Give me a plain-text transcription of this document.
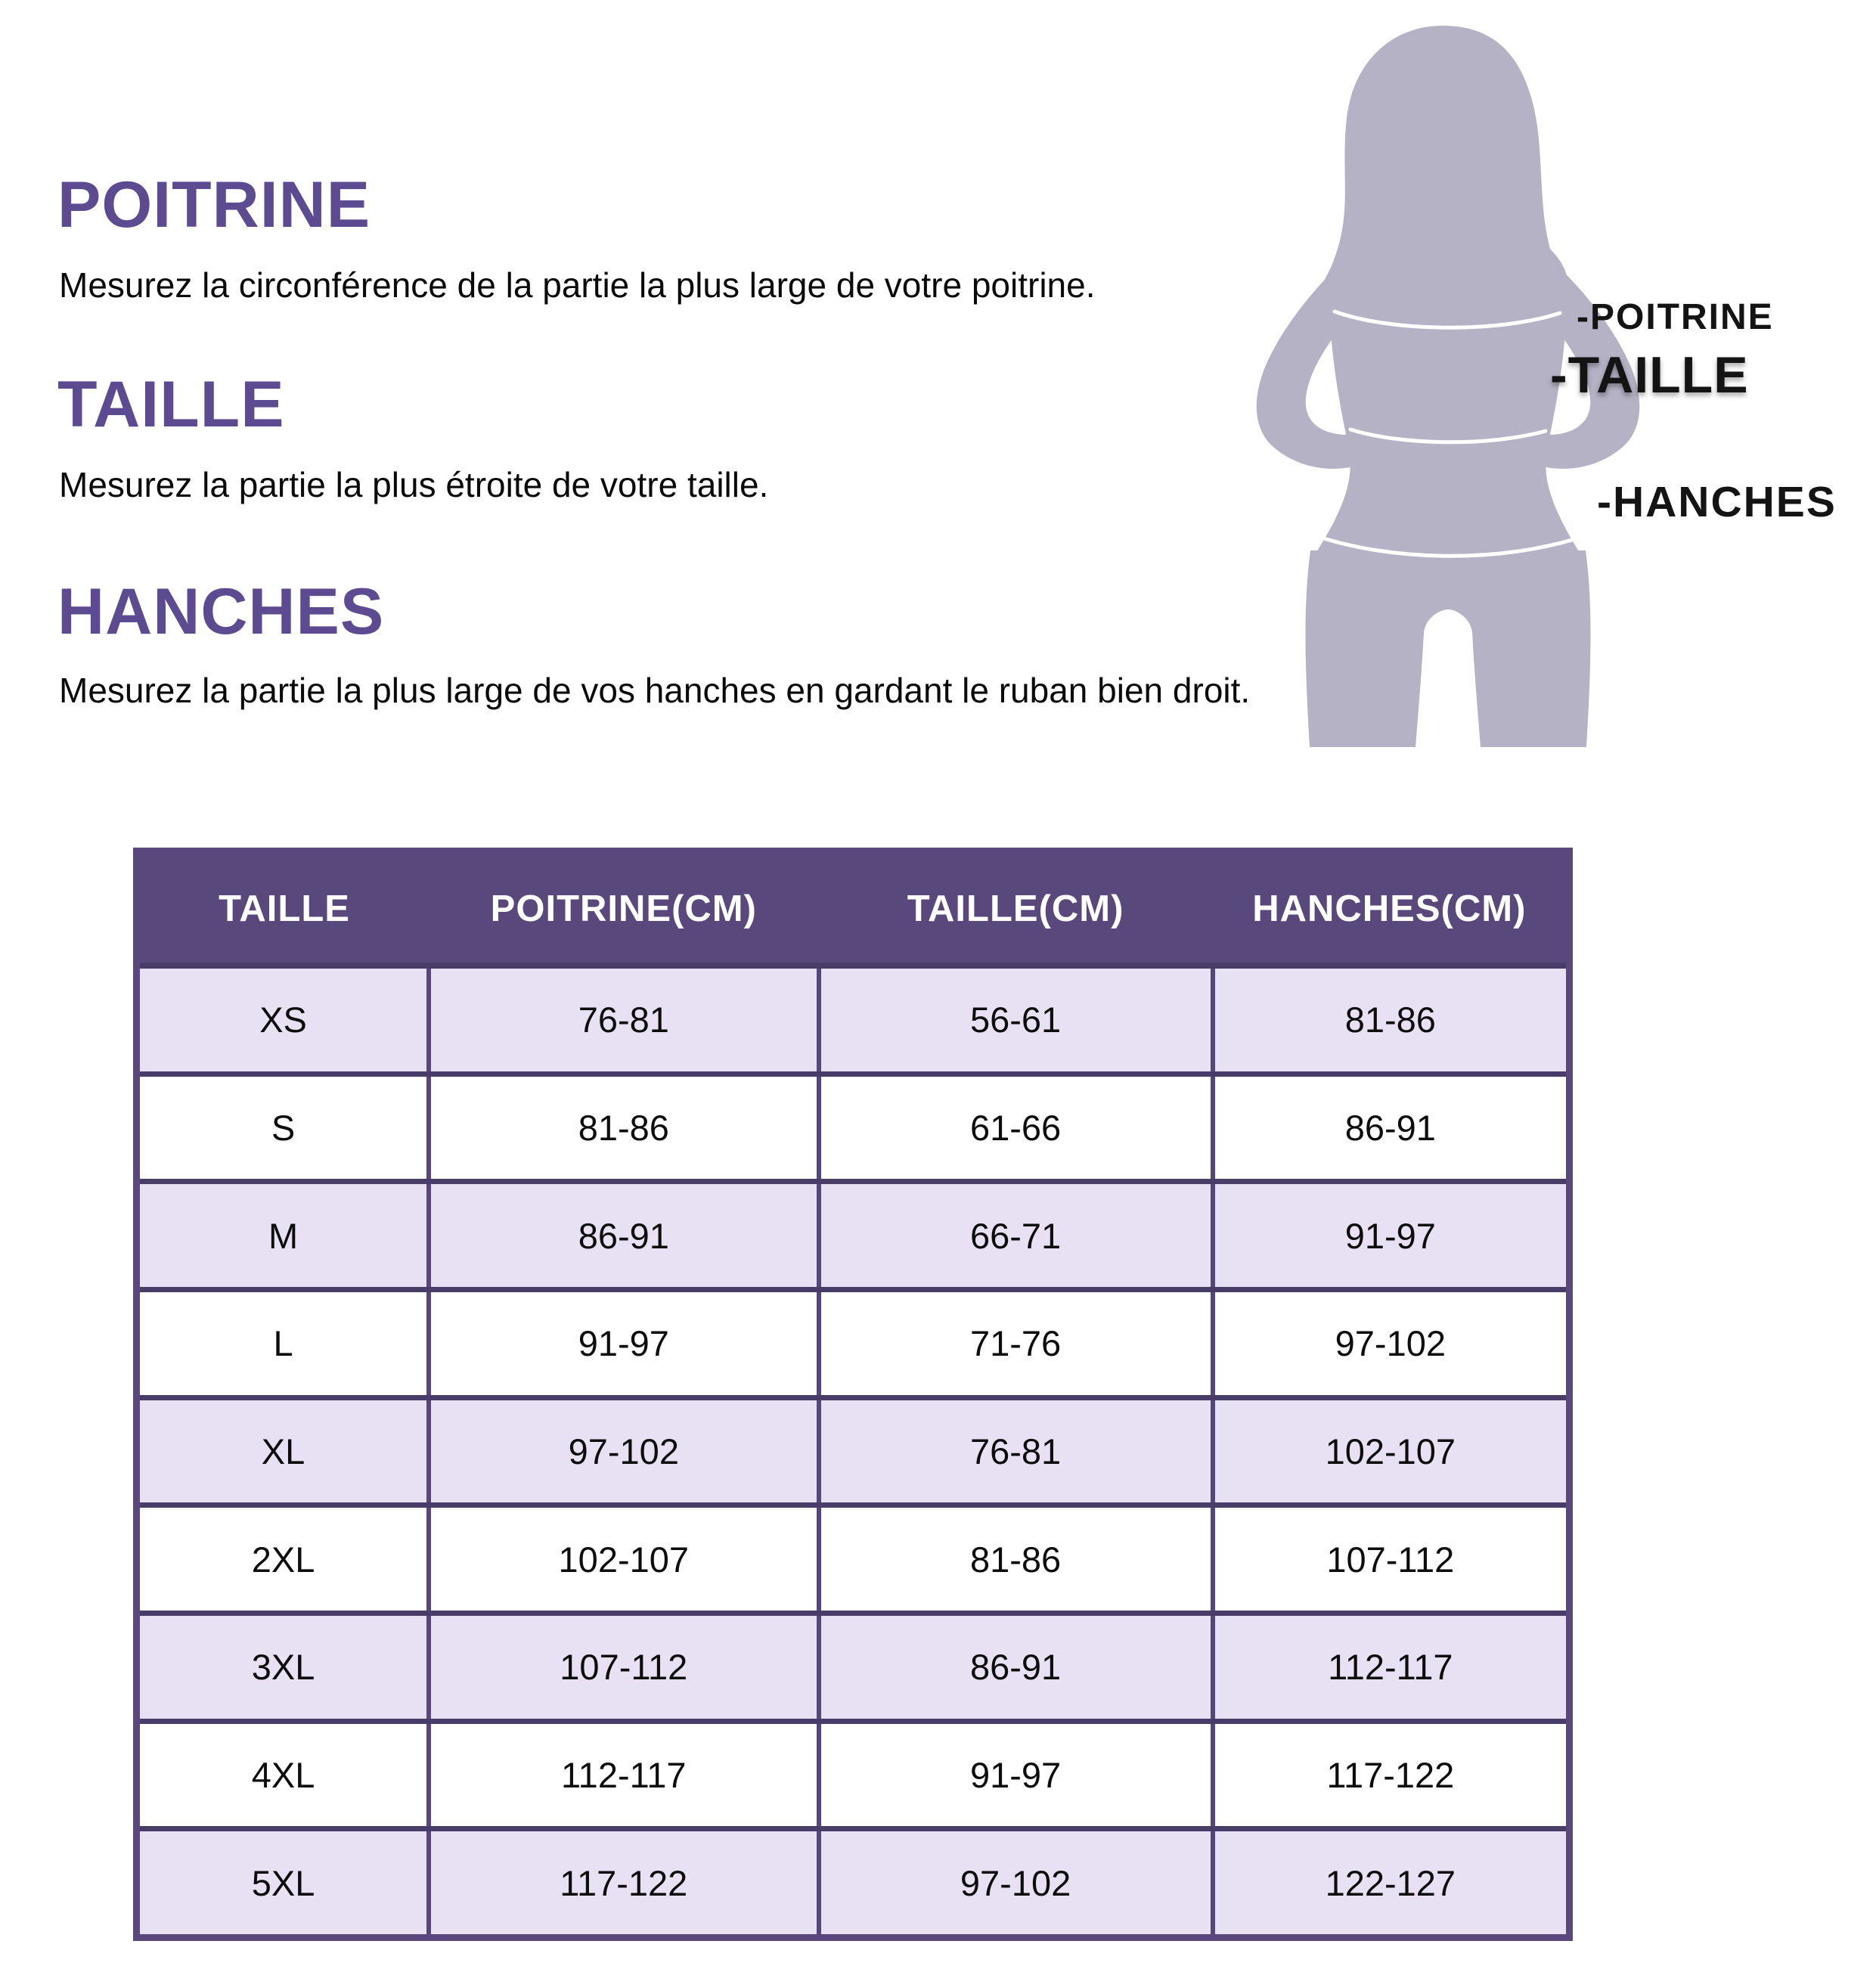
POITRINE

Mesurez la circonférence de la partie la plus large de votre poitrine.

TAILLE

Mesurez la partie la plus étroite de votre taille.

HANCHES

Mesurez la partie la plus large de vos hanches en gardant le ruban bien droit.

-POITRINE

-TAILLE

-HANCHES

TAILLE	POITRINE(CM)	TAILLE(CM)	HANCHES(CM)
XS	76-81	56-61	81-86
S	81-86	61-66	86-91
M	86-91	66-71	91-97
L	91-97	71-76	97-102
XL	97-102	76-81	102-107
2XL	102-107	81-86	107-112
3XL	107-112	86-91	112-117
4XL	112-117	91-97	117-122
5XL	117-122	97-102	122-127
